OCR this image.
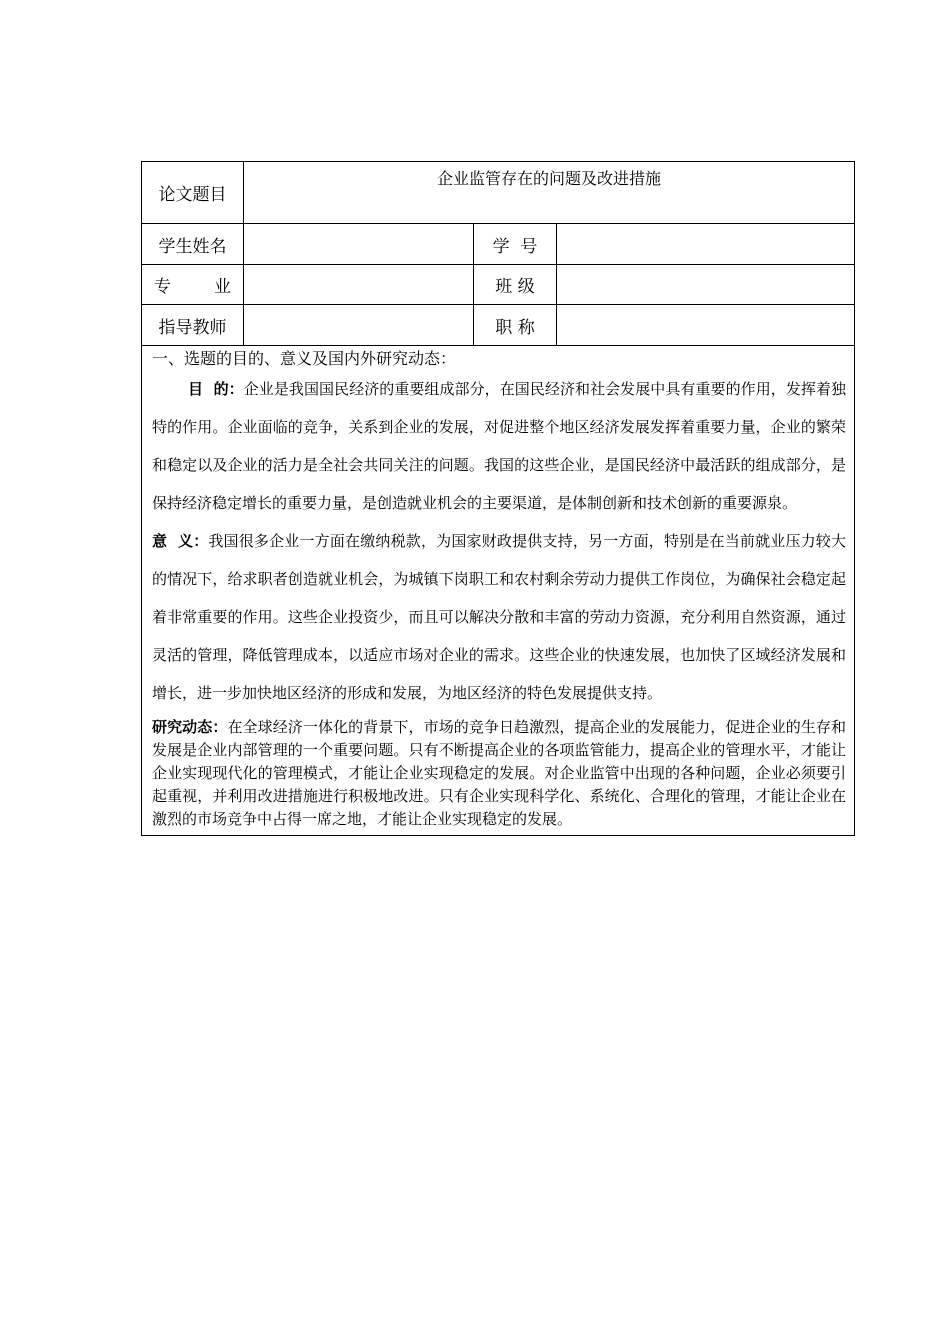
论文题目	企业监管存在的问题及改进措施		
学生姓名		学  号	
专 业		班 级	
指导教师		职 称	

一、选题的目的、意义及国内外研究动态：

目  的：企业是我国国民经济的重要组成部分，在国民经济和社会发展中具有重要的作用，发挥着独特的作用。企业面临的竞争，关系到企业的发展，对促进整个地区经济发展发挥着重要力量，企业的繁荣和稳定以及企业的活力是全社会共同关注的问题。我国的这些企业，是国民经济中最活跃的组成部分，是保持经济稳定增长的重要力量，是创造就业机会的主要渠道，是体制创新和技术创新的重要源泉。

意  义：我国很多企业一方面在缴纳税款，为国家财政提供支持，另一方面，特别是在当前就业压力较大的情况下，给求职者创造就业机会，为城镇下岗职工和农村剩余劳动力提供工作岗位，为确保社会稳定起着非常重要的作用。这些企业投资少，而且可以解决分散和丰富的劳动力资源，充分利用自然资源，通过灵活的管理，降低管理成本，以适应市场对企业的需求。这些企业的快速发展，也加快了区域经济发展和增长，进一步加快地区经济的形成和发展，为地区经济的特色发展提供支持。

研究动态：在全球经济一体化的背景下，市场的竞争日趋激烈，提高企业的发展能力，促进企业的生存和发展是企业内部管理的一个重要问题。只有不断提高企业的各项监管能力，提高企业的管理水平，才能让企业实现现代化的管理模式，才能让企业实现稳定的发展。对企业监管中出现的各种问题，企业必须要引起重视，并利用改进措施进行积极地改进。只有企业实现科学化、系统化、合理化的管理，才能让企业在激烈的市场竞争中占得一席之地，才能让企业实现稳定的发展。			
